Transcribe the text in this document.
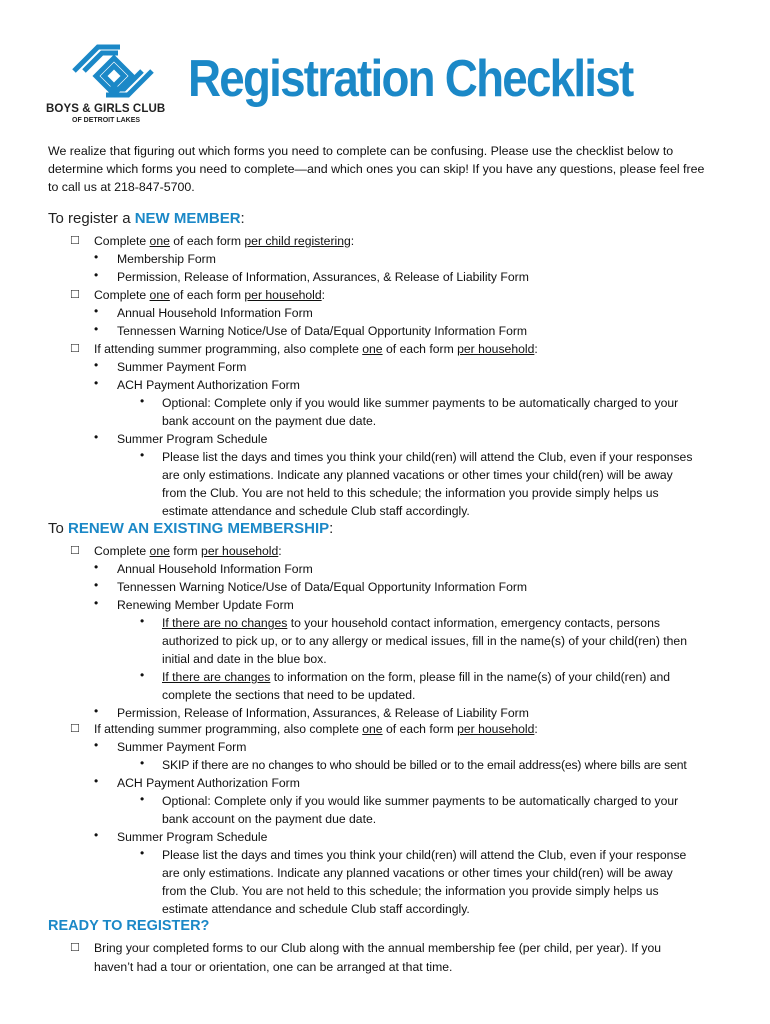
BOYS & GIRLS CLUB
OF DETROIT LAKES
Registration Checklist
We realize that figuring out which forms you need to complete can be confusing. Please use the checklist below to determine which forms you need to complete—and which ones you can skip! If you have any questions, please feel free to call us at 218-847-5700.
To register a NEW MEMBER:
☐ Complete one of each form per child registering:
• Membership Form
• Permission, Release of Information, Assurances, & Release of Liability Form
☐ Complete one of each form per household:
• Annual Household Information Form
• Tennessen Warning Notice/Use of Data/Equal Opportunity Information Form
☐ If attending summer programming, also complete one of each form per household:
• Summer Payment Form
• ACH Payment Authorization Form
• Optional: Complete only if you would like summer payments to be automatically charged to your
bank account on the payment due date.
• Summer Program Schedule
• Please list the days and times you think your child(ren) will attend the Club, even if your responses
are only estimations. Indicate any planned vacations or other times your child(ren) will be away
from the Club. You are not held to this schedule; the information you provide simply helps us
estimate attendance and schedule Club staff accordingly.
To RENEW AN EXISTING MEMBERSHIP:
☐ Complete one form per household:
• Annual Household Information Form
• Tennessen Warning Notice/Use of Data/Equal Opportunity Information Form
• Renewing Member Update Form
• If there are no changes to your household contact information, emergency contacts, persons
authorized to pick up, or to any allergy or medical issues, fill in the name(s) of your child(ren) then
initial and date in the blue box.
• If there are changes to information on the form, please fill in the name(s) of your child(ren) and
complete the sections that need to be updated.
• Permission, Release of Information, Assurances, & Release of Liability Form
☐ If attending summer programming, also complete one of each form per household:
• Summer Payment Form
• SKIP if there are no changes to who should be billed or to the email address(es) where bills are sent
• ACH Payment Authorization Form
• Optional: Complete only if you would like summer payments to be automatically charged to your
bank account on the payment due date.
• Summer Program Schedule
• Please list the days and times you think your child(ren) will attend the Club, even if your response
are only estimations. Indicate any planned vacations or other times your child(ren) will be away
from the Club. You are not held to this schedule; the information you provide simply helps us
estimate attendance and schedule Club staff accordingly.
READY TO REGISTER?
☐ Bring your completed forms to our Club along with the annual membership fee (per child, per year). If you
haven’t had a tour or orientation, one can be arranged at that time.
